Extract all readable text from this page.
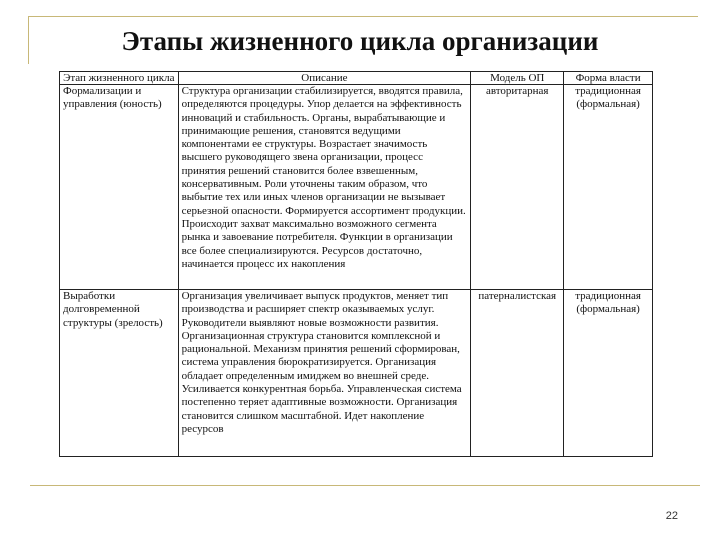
Этапы жизненного цикла организации
Этап жизненного цикла	Описание	Модель ОП	Форма власти
Формализации и управления (юность)	Структура организации стабилизируется, вводятся правила, определяются процедуры. Упор делается на эффективность инноваций и стабильность. Органы, вырабатывающие и принимающие решения, становятся ведущими компонентами ее структуры. Возрастает значимость высшего руководящего звена организации, процесс принятия решений становится более взвешенным, консервативным. Роли уточнены таким образом, что выбытие тех или иных членов организации не вызывает серьезной опасности. Формируется ассортимент продукции. Происходит захват максимально возможного сегмента рынка и завоевание потребителя. Функции в организации все более специализируются. Ресурсов достаточно, начинается процесс их накопления	авторитарная	традиционная (формальная)
Выработки долговременной структуры (зрелость)	Организация увеличивает выпуск продуктов, меняет тип производства и расширяет спектр оказываемых услуг. Руководители выявляют новые возможности развития. Организационная структура становится комплексной и рациональной. Механизм принятия решений сформирован, система управления бюрократизируется. Организация обладает определенным имиджем во внешней среде. Усиливается конкурентная борьба. Управленческая система постепенно теряет адаптивные возможности. Организация становится слишком масштабной. Идет накопление ресурсов	патерналистская	традиционная (формальная)
22
